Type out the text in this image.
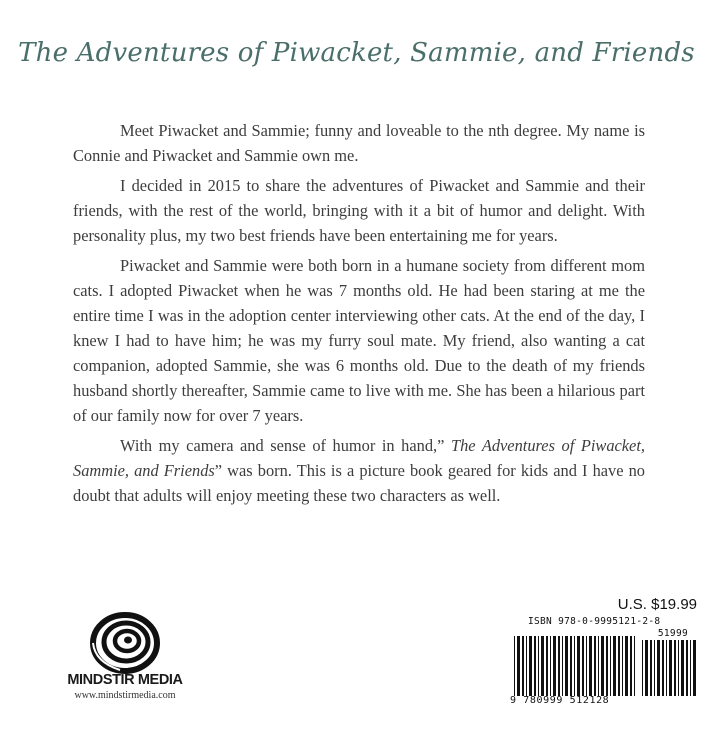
The Adventures of Piwacket, Sammie, and Friends

Meet Piwacket and Sammie; funny and loveable to the nth degree. My name is Connie and Piwacket and Sammie own me.

I decided in 2015 to share the adventures of Piwacket and Sammie and their friends, with the rest of the world, bringing with it a bit of humor and delight. With personality plus, my two best friends have been entertaining me for years.

Piwacket and Sammie were both born in a humane society from different mom cats. I adopted Piwacket when he was 7 months old. He had been staring at me the entire time I was in the adoption center interviewing other cats. At the end of the day, I knew I had to have him; he was my furry soul mate. My friend, also wanting a cat companion, adopted Sammie, she was 6 months old. Due to the death of my friends husband shortly thereafter, Sammie came to live with me. She has been a hilarious part of our family now for over 7 years.

With my camera and sense of humor in hand,” The Adventures of Piwacket, Sammie, and Friends” was born. This is a picture book geared for kids and I have no doubt that adults will enjoy meeting these two characters as well.

MINDSTIR MEDIA
www.mindstirmedia.com
U.S. $19.99
ISBN 978-0-9995121-2-8
51999
9 780999 512128
